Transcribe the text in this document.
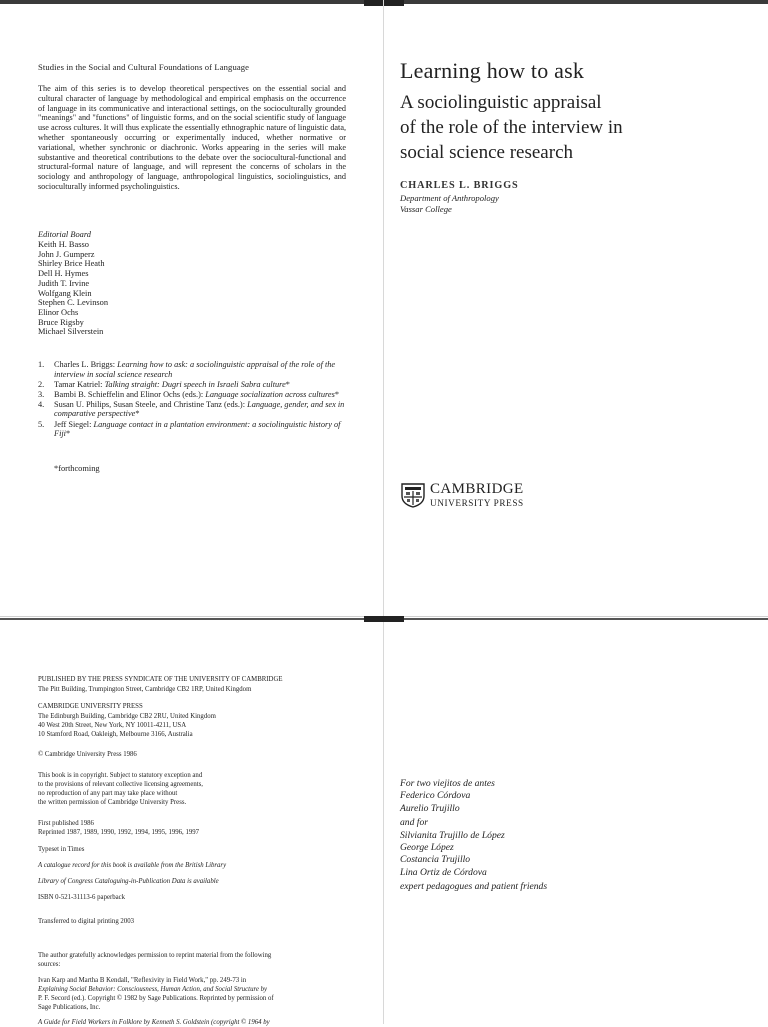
Studies in the Social and Cultural Foundations of Language
The aim of this series is to develop theoretical perspectives on the essential social and cultural character of language by methodological and empirical emphasis on the occurrence of language in its communicative and interactional settings, on the socioculturally grounded "meanings" and "functions" of linguistic forms, and on the social scientific study of language use across cultures. It will thus explicate the essentially ethnographic nature of linguistic data, whether spontaneously occurring or experimentally induced, whether normative or variational, whether synchronic or diachronic. Works appearing in the series will make substantive and theoretical contributions to the debate over the sociocultural-functional and structural-formal nature of language, and will represent the concerns of scholars in the sociology and anthropology of language, anthropological linguistics, sociolinguistics, and socioculturally informed psycholinguistics.
Editorial Board
Keith H. Basso
John J. Gumperz
Shirley Brice Heath
Dell H. Hymes
Judith T. Irvine
Wolfgang Klein
Stephen C. Levinson
Elinor Ochs
Bruce Rigsby
Michael Silverstein
1. Charles L. Briggs: Learning how to ask: a sociolinguistic appraisal of the role of the interview in social science research
2. Tamar Katriel: Talking straight: Dugri speech in Israeli Sabra culture*
3. Bambi B. Schieffelin and Elinor Ochs (eds.): Language socialization across cultures*
4. Susan U. Philips, Susan Steele, and Christine Tanz (eds.): Language, gender, and sex in comparative perspective*
5. Jeff Siegel: Language contact in a plantation environment: a sociolinguistic history of Fiji*
*forthcoming
Learning how to ask
A sociolinguistic appraisal
of the role of the interview in
social science research
CHARLES L. BRIGGS
Department of Anthropology
Vassar College
CAMBRIDGE
UNIVERSITY PRESS
PUBLISHED BY THE PRESS SYNDICATE OF THE UNIVERSITY OF CAMBRIDGE
The Pitt Building, Trumpington Street, Cambridge CB2 1RP, United Kingdom
CAMBRIDGE UNIVERSITY PRESS
The Edinburgh Building, Cambridge CB2 2RU, United Kingdom
40 West 20th Street, New York, NY 10011-4211, USA
10 Stamford Road, Oakleigh, Melbourne 3166, Australia
© Cambridge University Press 1986
This book is in copyright. Subject to statutory exception and
to the provisions of relevant collective licensing agreements,
no reproduction of any part may take place without
the written permission of Cambridge University Press.
First published 1986
Reprinted 1987, 1989, 1990, 1992, 1994, 1995, 1996, 1997
Typeset in Times
A catalogue record for this book is available from the British Library
Library of Congress Cataloguing-in-Publication Data is available
ISBN 0-521-31113-6 paperback
Transferred to digital printing 2003
The author gratefully acknowledges permission to reprint material from the following
sources:
Ivan Karp and Martha B Kendall, "Reflexivity in Field Work," pp. 249-73 in
Explaining Social Behavior: Consciousness, Human Action, and Social Structure by
P. F. Secord (ed.). Copyright © 1982 by Sage Publications. Reprinted by permission of
Sage Publications, Inc.
A Guide for Field Workers in Folklore by Kenneth S. Goldstein (copyright © 1964 by
For two viejitos de antes
Federico Córdova
Aurelio Trujillo
and for
Silvianita Trujillo de López
George López
Costancia Trujillo
Lina Ortiz de Córdova
expert pedagogues and patient friends
